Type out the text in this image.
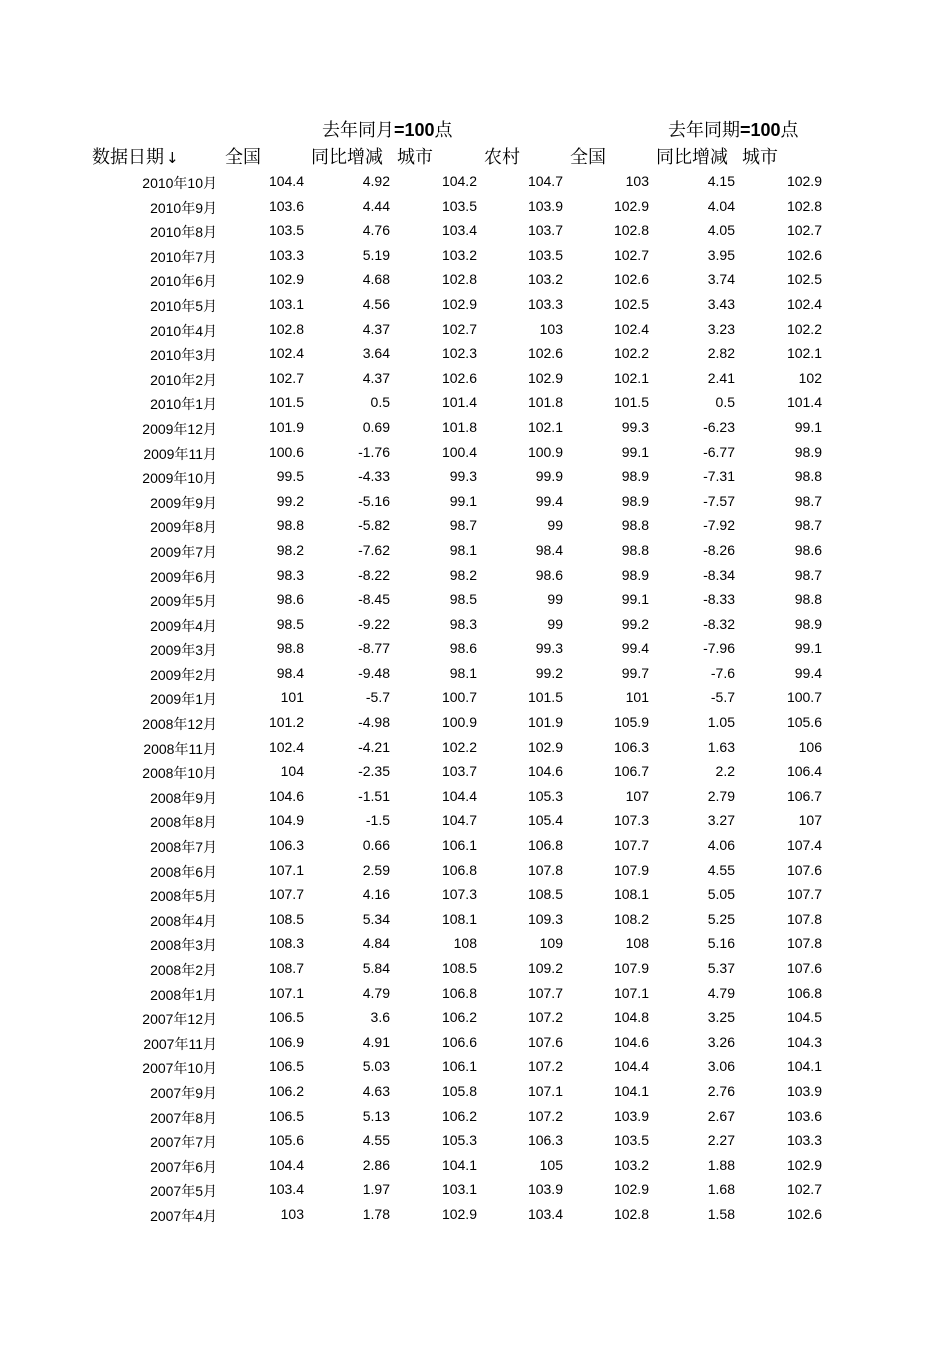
去年同月=100点	去年同期=100点
数据日期 ↓	全国	同比增减 城市	农村	全国	同比增减 城市
2010年10月	104.4	4.92	104.2	104.7	103	4.15	102.9
2010年9月	103.6	4.44	103.5	103.9	102.9	4.04	102.8
2010年8月	103.5	4.76	103.4	103.7	102.8	4.05	102.7
2010年7月	103.3	5.19	103.2	103.5	102.7	3.95	102.6
2010年6月	102.9	4.68	102.8	103.2	102.6	3.74	102.5
2010年5月	103.1	4.56	102.9	103.3	102.5	3.43	102.4
2010年4月	102.8	4.37	102.7	103	102.4	3.23	102.2
2010年3月	102.4	3.64	102.3	102.6	102.2	2.82	102.1
2010年2月	102.7	4.37	102.6	102.9	102.1	2.41	102
2010年1月	101.5	0.5	101.4	101.8	101.5	0.5	101.4
2009年12月	101.9	0.69	101.8	102.1	99.3	-6.23	99.1
2009年11月	100.6	-1.76	100.4	100.9	99.1	-6.77	98.9
2009年10月	99.5	-4.33	99.3	99.9	98.9	-7.31	98.8
2009年9月	99.2	-5.16	99.1	99.4	98.9	-7.57	98.7
2009年8月	98.8	-5.82	98.7	99	98.8	-7.92	98.7
2009年7月	98.2	-7.62	98.1	98.4	98.8	-8.26	98.6
2009年6月	98.3	-8.22	98.2	98.6	98.9	-8.34	98.7
2009年5月	98.6	-8.45	98.5	99	99.1	-8.33	98.8
2009年4月	98.5	-9.22	98.3	99	99.2	-8.32	98.9
2009年3月	98.8	-8.77	98.6	99.3	99.4	-7.96	99.1
2009年2月	98.4	-9.48	98.1	99.2	99.7	-7.6	99.4
2009年1月	101	-5.7	100.7	101.5	101	-5.7	100.7
2008年12月	101.2	-4.98	100.9	101.9	105.9	1.05	105.6
2008年11月	102.4	-4.21	102.2	102.9	106.3	1.63	106
2008年10月	104	-2.35	103.7	104.6	106.7	2.2	106.4
2008年9月	104.6	-1.51	104.4	105.3	107	2.79	106.7
2008年8月	104.9	-1.5	104.7	105.4	107.3	3.27	107
2008年7月	106.3	0.66	106.1	106.8	107.7	4.06	107.4
2008年6月	107.1	2.59	106.8	107.8	107.9	4.55	107.6
2008年5月	107.7	4.16	107.3	108.5	108.1	5.05	107.7
2008年4月	108.5	5.34	108.1	109.3	108.2	5.25	107.8
2008年3月	108.3	4.84	108	109	108	5.16	107.8
2008年2月	108.7	5.84	108.5	109.2	107.9	5.37	107.6
2008年1月	107.1	4.79	106.8	107.7	107.1	4.79	106.8
2007年12月	106.5	3.6	106.2	107.2	104.8	3.25	104.5
2007年11月	106.9	4.91	106.6	107.6	104.6	3.26	104.3
2007年10月	106.5	5.03	106.1	107.2	104.4	3.06	104.1
2007年9月	106.2	4.63	105.8	107.1	104.1	2.76	103.9
2007年8月	106.5	5.13	106.2	107.2	103.9	2.67	103.6
2007年7月	105.6	4.55	105.3	106.3	103.5	2.27	103.3
2007年6月	104.4	2.86	104.1	105	103.2	1.88	102.9
2007年5月	103.4	1.97	103.1	103.9	102.9	1.68	102.7
2007年4月	103	1.78	102.9	103.4	102.8	1.58	102.6
